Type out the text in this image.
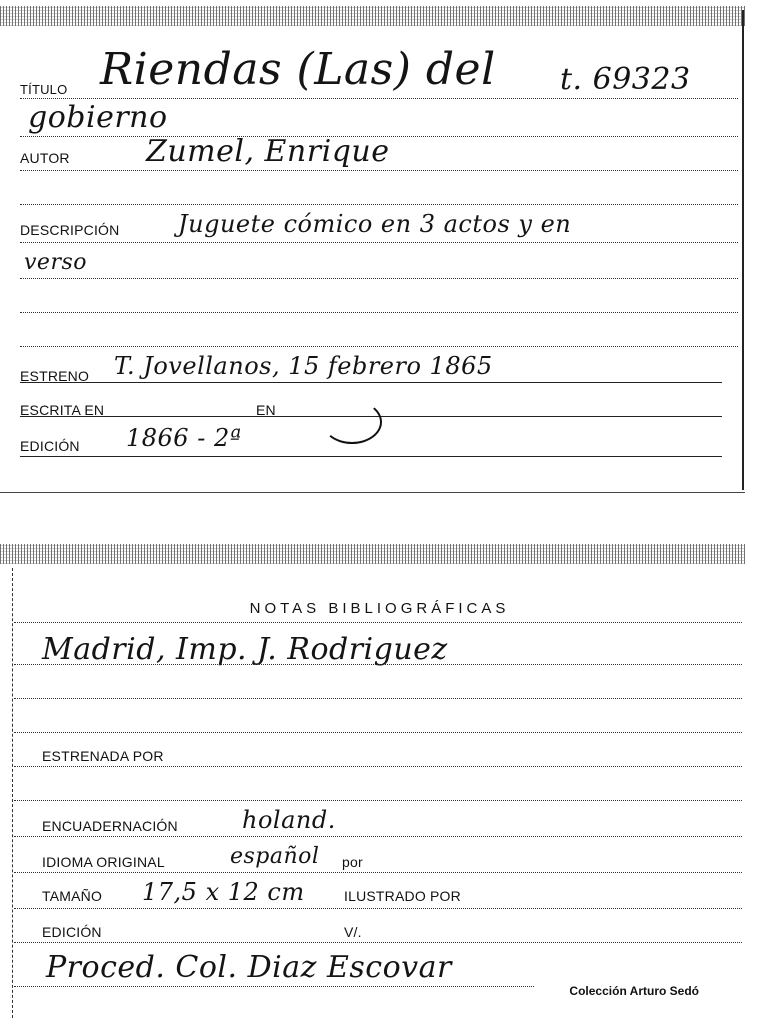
TÍTULO Riendas (Las) del t. 69323
gobierno
AUTOR	Zumel, Enrique
DESCRIPCIÓN Juguete cómico en 3 actos y en
verso
ESTRENO T. Jovellanos, 15 febrero 1865
ESCRITA EN	EN
EDICIÓN 1866 - 2ª
NOTAS BIBLIOGRÁFICAS
Madrid, Imp. J. Rodriguez
ESTRENADA POR
ENCUADERNACIÓN	holand.
IDIOMA ORIGINAL	español por
TAMAÑO 17,5 x 12 cm	ILUSTRADO POR
EDICIÓN	V/.
Proced. Col. Diaz Escovar
Colección Arturo Sedó
